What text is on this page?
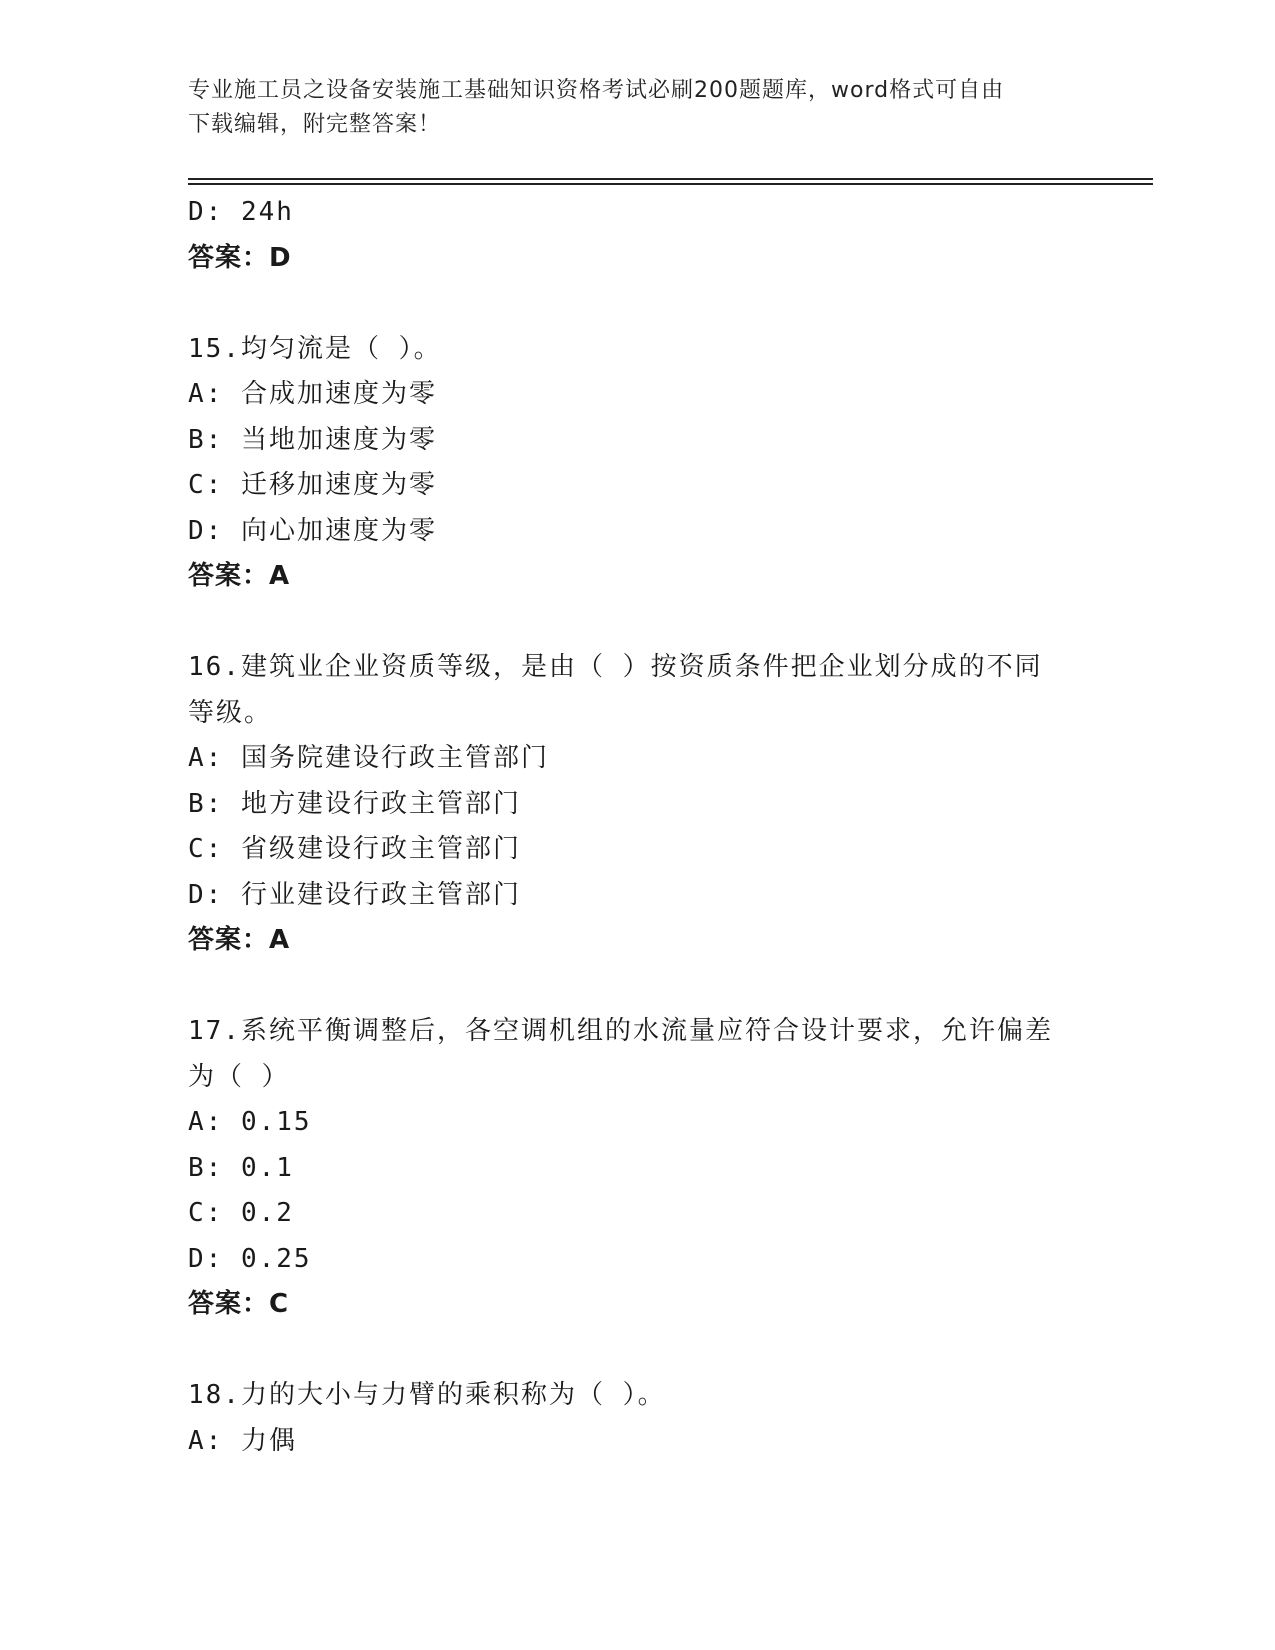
专业施工员之设备安装施工基础知识资格考试必刷200题题库，word格式可自由
下载编辑，附完整答案！
D: 24h
答案：D
15.均匀流是（ ）。
A: 合成加速度为零
B: 当地加速度为零
C: 迁移加速度为零
D: 向心加速度为零
答案：A
16.建筑业企业资质等级，是由（ ）按资质条件把企业划分成的不同
等级。
A: 国务院建设行政主管部门
B: 地方建设行政主管部门
C: 省级建设行政主管部门
D: 行业建设行政主管部门
答案：A
17.系统平衡调整后，各空调机组的水流量应符合设计要求，允许偏差
为（ ）
A: 0.15
B: 0.1
C: 0.2
D: 0.25
答案：C
18.力的大小与力臂的乘积称为（ ）。
A: 力偶
